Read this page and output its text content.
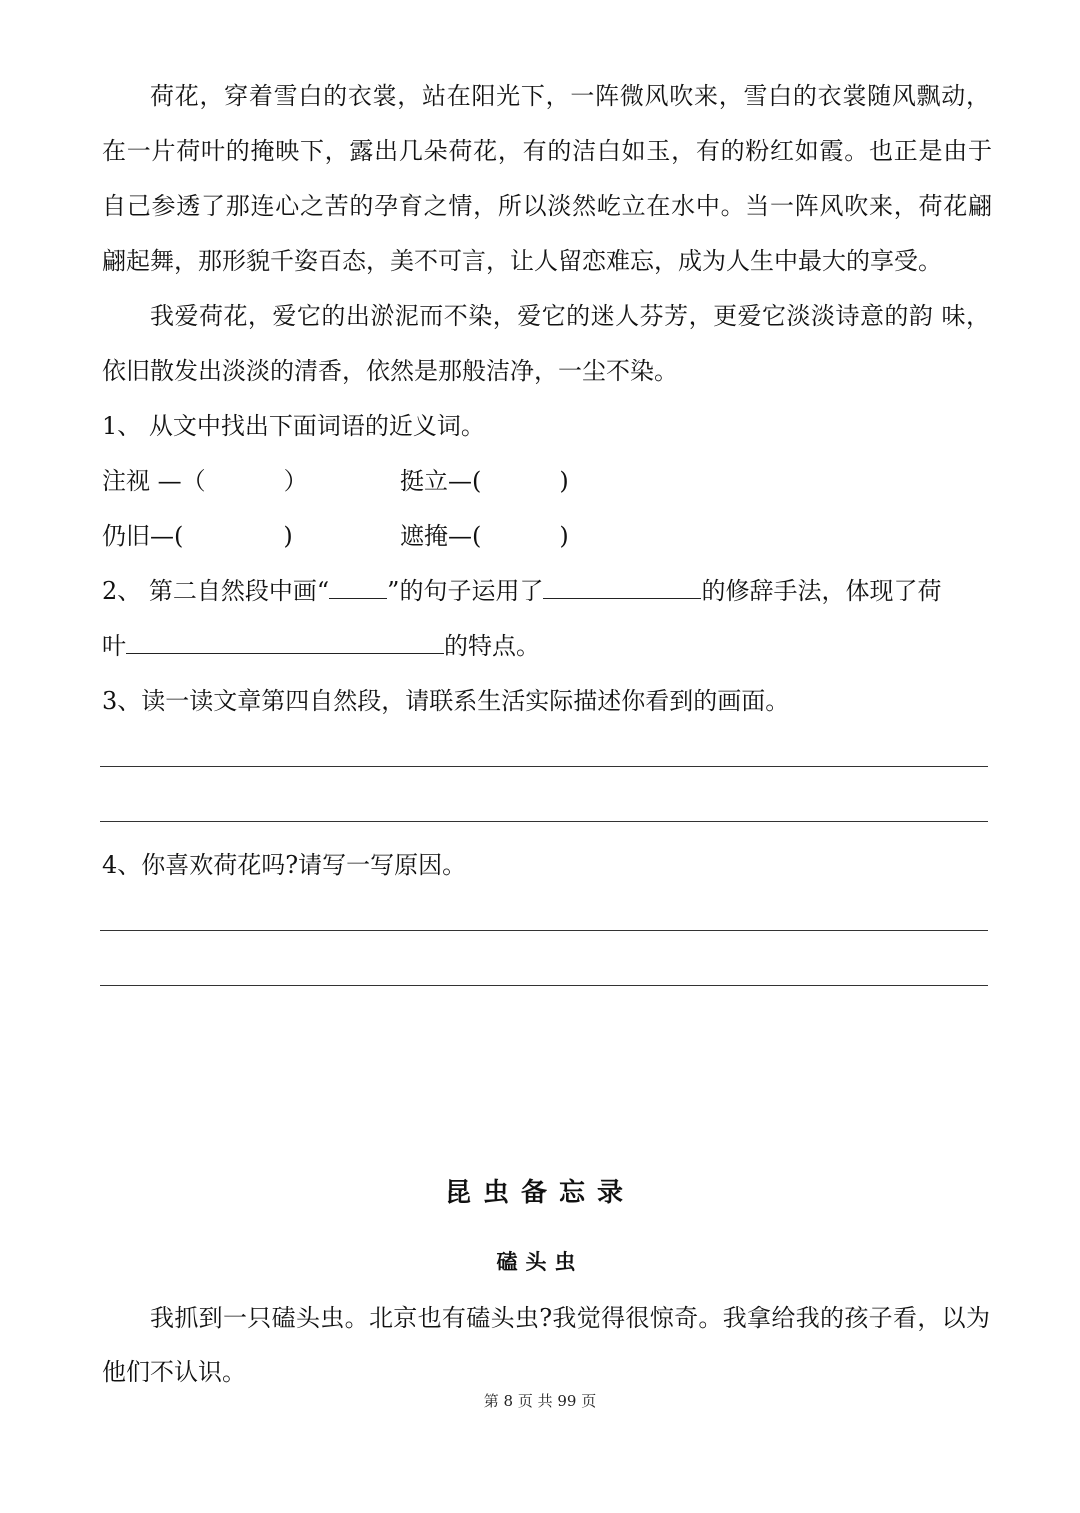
荷花，穿着雪白的衣裳，站在阳光下，一阵微风吹来，雪白的衣裳随风飘动，
在一片荷叶的掩映下，露出几朵荷花，有的洁白如玉，有的粉红如霞。也正是由于
自己参透了那连心之苦的孕育之情，所以淡然屹立在水中。当一阵风吹来，荷花翩
翩起舞，那形貌千姿百态，美不可言，让人留恋难忘，成为人生中最大的享受。
我爱荷花，爱它的出淤泥而不染，爱它的迷人芬芳，更爱它淡淡诗意的韵 味，
依旧散发出淡淡的清香，依然是那般洁净，一尘不染。
1、 从文中找出下面词语的近义词。
注视 —（	）	挺立—(	)
仍旧—(	)	遮掩—(	)
2、 第二自然段中画“ ”的句子运用了	的修辞手法，体现了荷
叶	的特点。
3、读一读文章第四自然段，请联系生活实际描述你看到的画面。
4、你喜欢荷花吗?请写一写原因。
昆虫备忘录
磕头虫
我抓到一只磕头虫。北京也有磕头虫?我觉得很惊奇。我拿给我的孩子看，以为
他们不认识。
第 8 页 共 99 页
